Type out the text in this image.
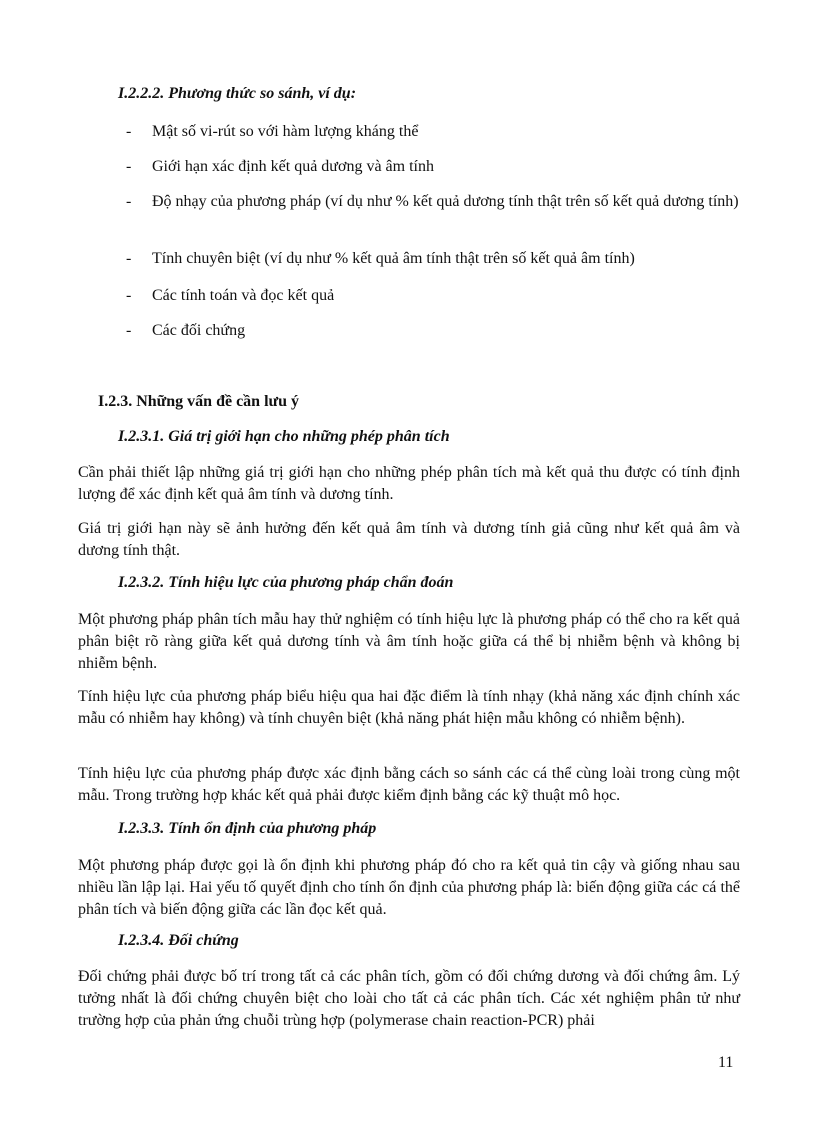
I.2.2.2. Phương thức so sánh, ví dụ:
- Mật số vi-rút so với hàm lượng kháng thể
- Giới hạn xác định kết quả dương và âm tính
- Độ nhạy của phương pháp (ví dụ như % kết quả dương tính thật trên số kết quả dương tính)
- Tính chuyên biệt (ví dụ như % kết quả âm tính thật trên số kết quả âm tính)
- Các tính toán và đọc kết quả
- Các đối chứng
I.2.3. Những vấn đề cần lưu ý
I.2.3.1. Giá trị giới hạn cho những phép phân tích

Cần phải thiết lập những giá trị giới hạn cho những phép phân tích mà kết quả thu được có tính định lượng để xác định kết quả âm tính và dương tính.

Giá trị giới hạn này sẽ ảnh hưởng đến kết quả âm tính và dương tính giả cũng như kết quả âm và dương tính thật.

I.2.3.2. Tính hiệu lực của phương pháp chẩn đoán

Một phương pháp phân tích mẫu hay thử nghiệm có tính hiệu lực là phương pháp có thể cho ra kết quả phân biệt rõ ràng giữa kết quả dương tính và âm tính hoặc giữa cá thể bị nhiễm bệnh và không bị nhiễm bệnh.

Tính hiệu lực của phương pháp biểu hiệu qua hai đặc điểm là tính nhạy (khả năng xác định chính xác mẫu có nhiễm hay không) và tính chuyên biệt (khả năng phát hiện mẫu không có nhiễm bệnh).

Tính hiệu lực của phương pháp được xác định bằng cách so sánh các cá thể cùng loài trong cùng một mẫu. Trong trường hợp khác kết quả phải được kiểm định bằng các kỹ thuật mô học.

I.2.3.3. Tính ổn định của phương pháp

Một phương pháp được gọi là ổn định khi phương pháp đó cho ra kết quả tin cậy và giống nhau sau nhiều lần lập lại. Hai yếu tố quyết định cho tính ổn định của phương pháp là: biến động giữa các cá thể phân tích và biến động giữa các lần đọc kết quả.

I.2.3.4. Đối chứng

Đối chứng phải được bố trí trong tất cả các phân tích, gồm có đối chứng dương và đối chứng âm. Lý tưởng nhất là đối chứng chuyên biệt cho loài cho tất cả các phân tích. Các xét nghiệm phân tử như trường hợp của phản ứng chuỗi trùng hợp (polymerase chain reaction-PCR) phải

11
